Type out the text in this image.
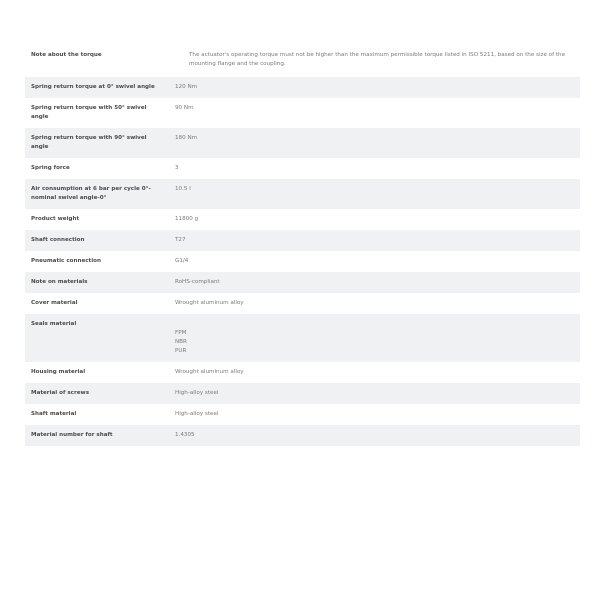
Note about the torque	The actuator's operating torque must not be higher than the maximum permissible torque listed in ISO 5211, based on the size of the mounting flange and the coupling.
Spring return torque at 0° swivel angle	120 Nm
Spring return torque with 50° swivel angle	90 Nm
Spring return torque with 90° swivel angle	180 Nm
Spring force	3
Air consumption at 6 bar per cycle 0°-nominal swivel angle-0°	10.5 l
Product weight	11800 g
Shaft connection	T27
Pneumatic connection	G1/4
Note on materials	RoHS-compliant
Cover material	Wrought aluminum alloy
Seals material	FPM
NBR
PUR

Housing material	Wrought aluminum alloy
Material of screws	High-alloy steel
Shaft material	High-alloy steel
Material number for shaft	1.4305
